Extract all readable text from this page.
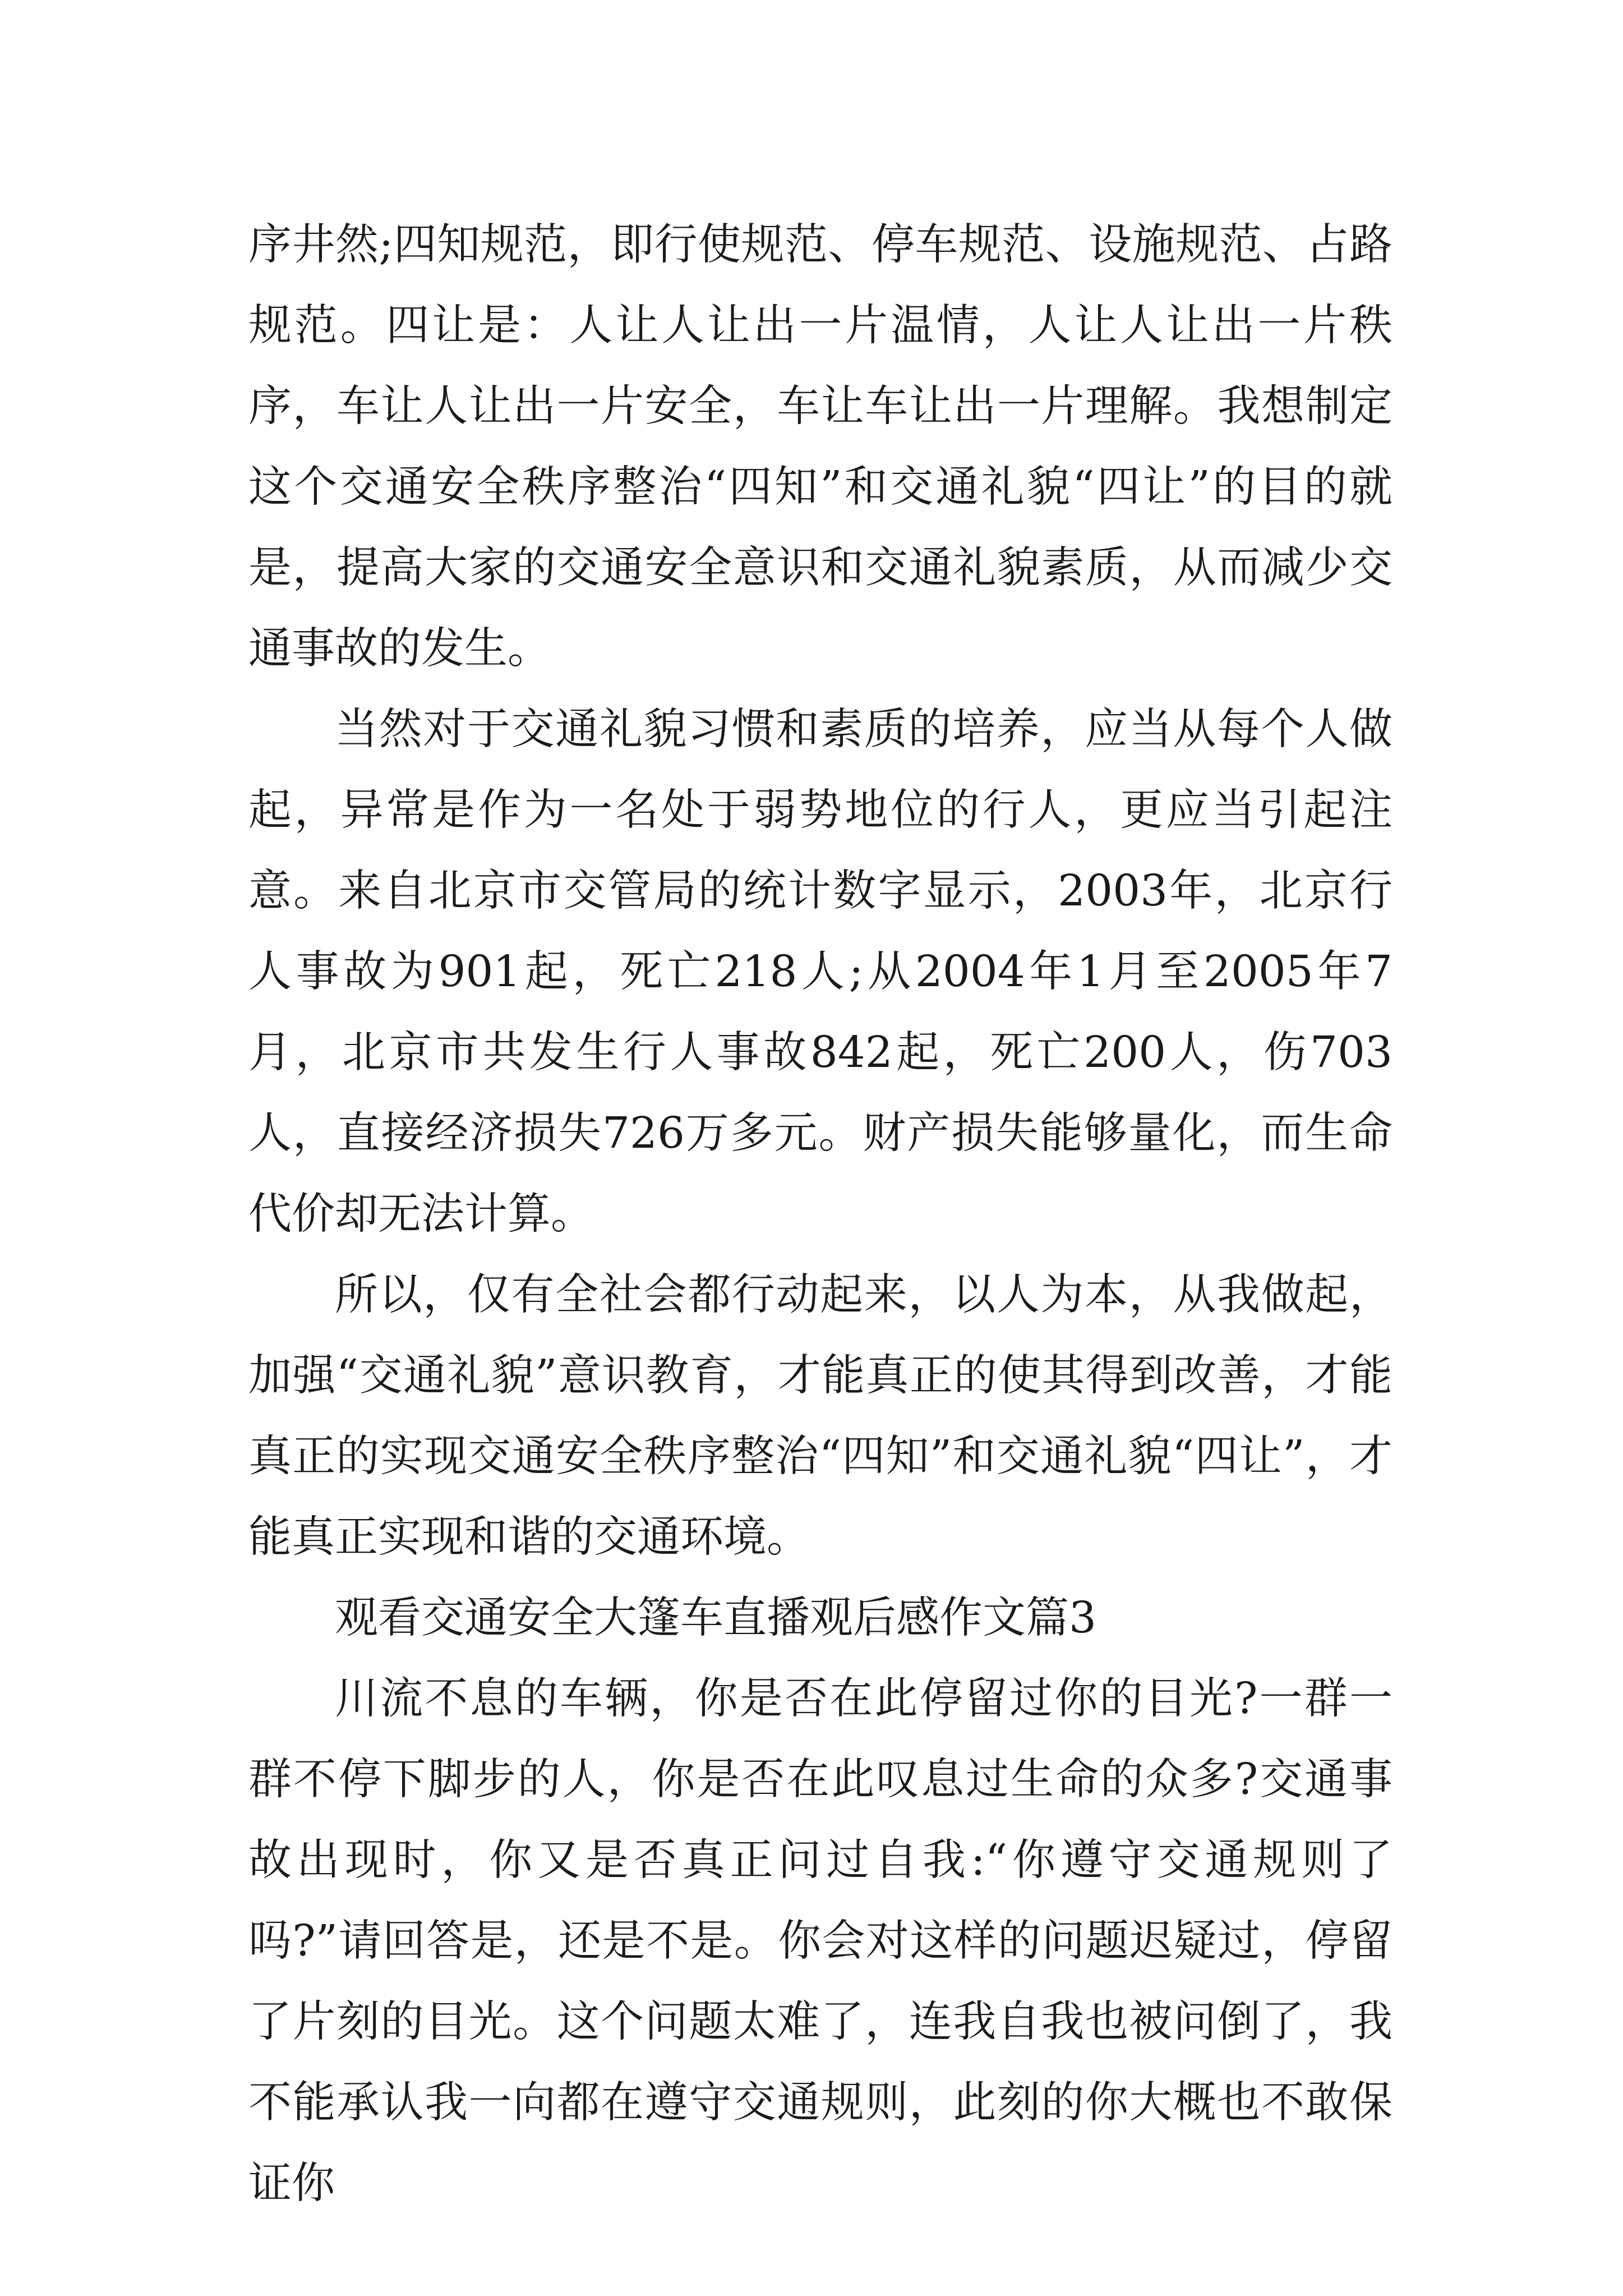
序井然;四知规范，即行使规范、停车规范、设施规范、占路规范。四让是：人让人让出一片温情，人让人让出一片秩序，车让人让出一片安全，车让车让出一片理解。我想制定这个交通安全秩序整治“四知”和交通礼貌“四让”的目的就是，提高大家的交通安全意识和交通礼貌素质，从而减少交通事故的发生。

当然对于交通礼貌习惯和素质的培养，应当从每个人做起，异常是作为一名处于弱势地位的行人，更应当引起注意。来自北京市交管局的统计数字显示，2003年，北京行人事故为901起，死亡218人;从2004年1月至2005年7月，北京市共发生行人事故842起，死亡200人，伤703人，直接经济损失726万多元。财产损失能够量化，而生命代价却无法计算。

所以，仅有全社会都行动起来，以人为本，从我做起，加强“交通礼貌”意识教育，才能真正的使其得到改善，才能真正的实现交通安全秩序整治“四知”和交通礼貌“四让”，才能真正实现和谐的交通环境。

观看交通安全大篷车直播观后感作文篇3

川流不息的车辆，你是否在此停留过你的目光?一群一群不停下脚步的人，你是否在此叹息过生命的众多?交通事故出现时，你又是否真正问过自我:“你遵守交通规则了吗?”请回答是，还是不是。你会对这样的问题迟疑过，停留了片刻的目光。这个问题太难了，连我自我也被问倒了，我不能承认我一向都在遵守交通规则，此刻的你大概也不敢保证你
